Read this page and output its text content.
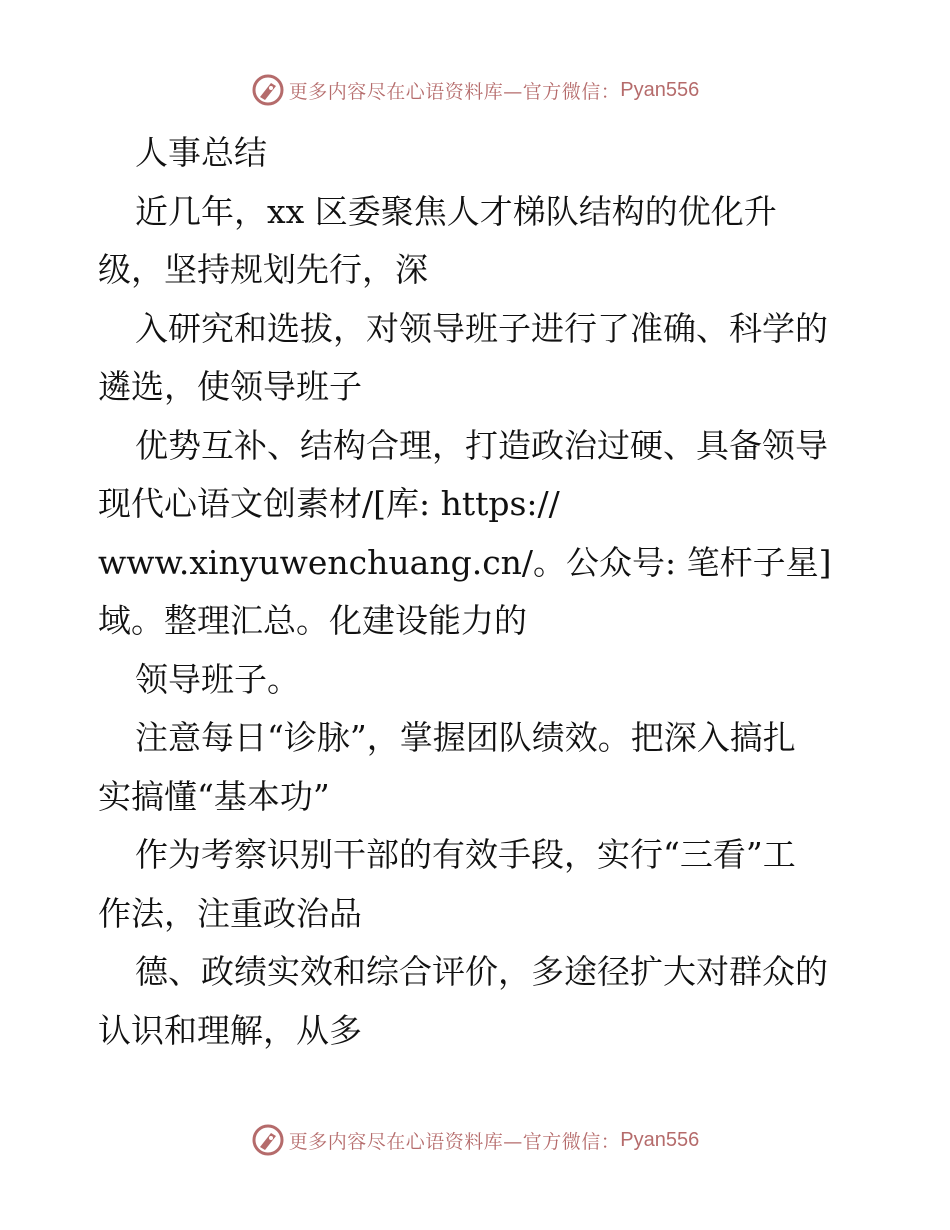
更多内容尽在心语资料库—官方微信： Pyan556
人事总结
近几年，xx 区委聚焦人才梯队结构的优化升
级，坚持规划先行，深
入研究和选拔，对领导班子进行了准确、科学的
遴选，使领导班子
优势互补、结构合理，打造政治过硬、具备领导
现代心语文创素材/[库: https://
www.xinyuwenchuang.cn/。公众号: 笔杆子星]
域。整理汇总。化建设能力的
领导班子。
注意每日“诊脉”，掌握团队绩效。把深入搞扎
实搞懂“基本功”
作为考察识别干部的有效手段，实行“三看”工
作法，注重政治品
德、政绩实效和综合评价，多途径扩大对群众的
认识和理解，从多
更多内容尽在心语资料库—官方微信： Pyan556
